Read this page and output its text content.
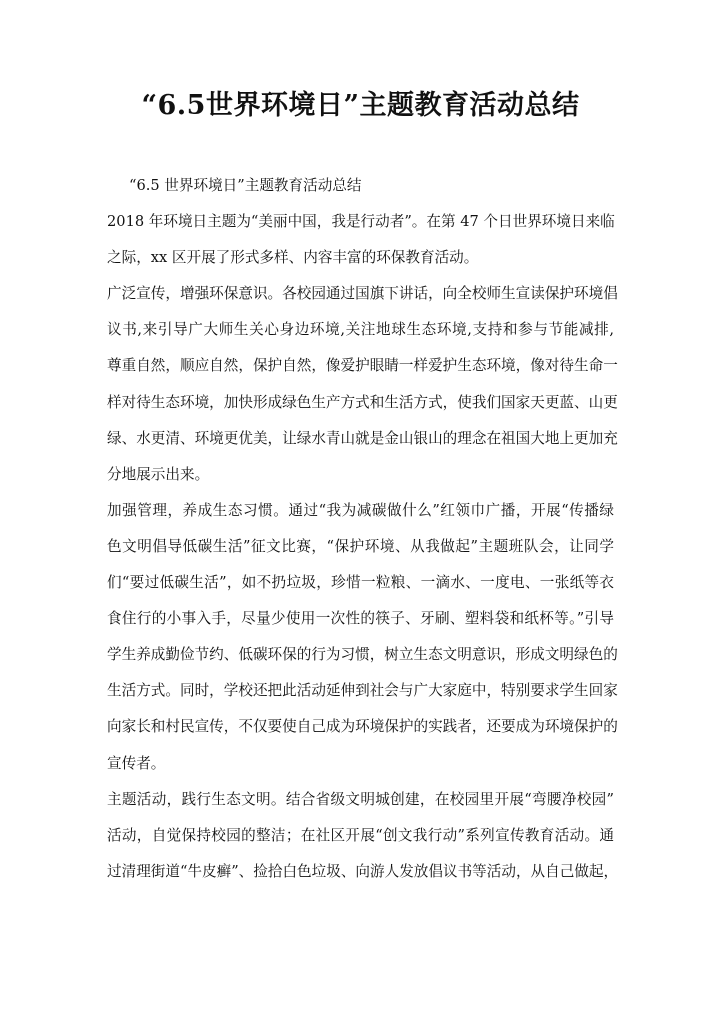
“6.5世界环境日”主题教育活动总结
“6.5 世界环境日”主题教育活动总结
2018 年环境日主题为“美丽中国，我是行动者”。在第 47 个日世界环境日来临
之际，xx 区开展了形式多样、内容丰富的环保教育活动。
广泛宣传，增强环保意识。各校园通过国旗下讲话，向全校师生宣读保护环境倡
议书,来引导广大师生关心身边环境,关注地球生态环境,支持和参与节能减排,
尊重自然，顺应自然，保护自然，像爱护眼睛一样爱护生态环境，像对待生命一
样对待生态环境，加快形成绿色生产方式和生活方式，使我们国家天更蓝、山更
绿、水更清、环境更优美，让绿水青山就是金山银山的理念在祖国大地上更加充
分地展示出来。
加强管理，养成生态习惯。通过“我为减碳做什么”红领巾广播，开展“传播绿
色文明倡导低碳生活”征文比赛，“保护环境、从我做起”主题班队会，让同学
们“要过低碳生活”，如不扔垃圾，珍惜一粒粮、一滴水、一度电、一张纸等衣
食住行的小事入手，尽量少使用一次性的筷子、牙刷、塑料袋和纸杯等。”引导
学生养成勤俭节约、低碳环保的行为习惯，树立生态文明意识，形成文明绿色的
生活方式。同时，学校还把此活动延伸到社会与广大家庭中，特别要求学生回家
向家长和村民宣传，不仅要使自己成为环境保护的实践者，还要成为环境保护的
宣传者。
主题活动，践行生态文明。结合省级文明城创建，在校园里开展“弯腰净校园”
活动，自觉保持校园的整洁；在社区开展“创文我行动”系列宣传教育活动。通
过清理街道“牛皮癣”、捡拾白色垃圾、向游人发放倡议书等活动，从自己做起，
